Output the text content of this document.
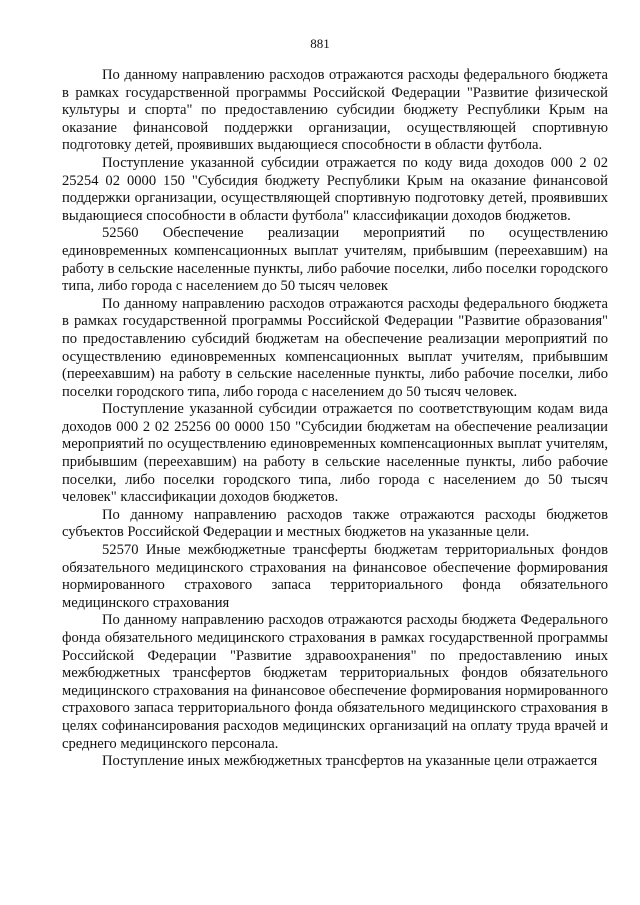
881

По данному направлению расходов отражаются расходы федерального бюджета в рамках государственной программы Российской Федерации "Развитие физической культуры и спорта" по предоставлению субсидии бюджету Республики Крым на оказание финансовой поддержки организации, осуществляющей спортивную подготовку детей, проявивших выдающиеся способности в области футбола.

Поступление указанной субсидии отражается по коду вида доходов 000 2 02 25254 02 0000 150 "Субсидия бюджету Республики Крым на оказание финансовой поддержки организации, осуществляющей спортивную подготовку детей, проявивших выдающиеся способности в области футбола" классификации доходов бюджетов.

52560 Обеспечение реализации мероприятий по осуществлению единовременных компенсационных выплат учителям, прибывшим (переехавшим) на работу в сельские населенные пункты, либо рабочие поселки, либо поселки городского типа, либо города с населением до 50 тысяч человек

По данному направлению расходов отражаются расходы федерального бюджета в рамках государственной программы Российской Федерации "Развитие образования" по предоставлению субсидий бюджетам на обеспечение реализации мероприятий по осуществлению единовременных компенсационных выплат учителям, прибывшим (переехавшим) на работу в сельские населенные пункты, либо рабочие поселки, либо поселки городского типа, либо города с населением до 50 тысяч человек.

Поступление указанной субсидии отражается по соответствующим кодам вида доходов 000 2 02 25256 00 0000 150 "Субсидии бюджетам на обеспечение реализации мероприятий по осуществлению единовременных компенсационных выплат учителям, прибывшим (переехавшим) на работу в сельские населенные пункты, либо рабочие поселки, либо поселки городского типа, либо города с населением до 50 тысяч человек" классификации доходов бюджетов.

По данному направлению расходов также отражаются расходы бюджетов субъектов Российской Федерации и местных бюджетов на указанные цели.

52570 Иные межбюджетные трансферты бюджетам территориальных фондов обязательного медицинского страхования на финансовое обеспечение формирования нормированного страхового запаса территориального фонда обязательного медицинского страхования

По данному направлению расходов отражаются расходы бюджета Федерального фонда обязательного медицинского страхования в рамках государственной программы Российской Федерации "Развитие здравоохранения" по предоставлению иных межбюджетных трансфертов бюджетам территориальных фондов обязательного медицинского страхования на финансовое обеспечение формирования нормированного страхового запаса территориального фонда обязательного медицинского страхования в целях софинансирования расходов медицинских организаций на оплату труда врачей и среднего медицинского персонала.

Поступление иных межбюджетных трансфертов на указанные цели отражается
